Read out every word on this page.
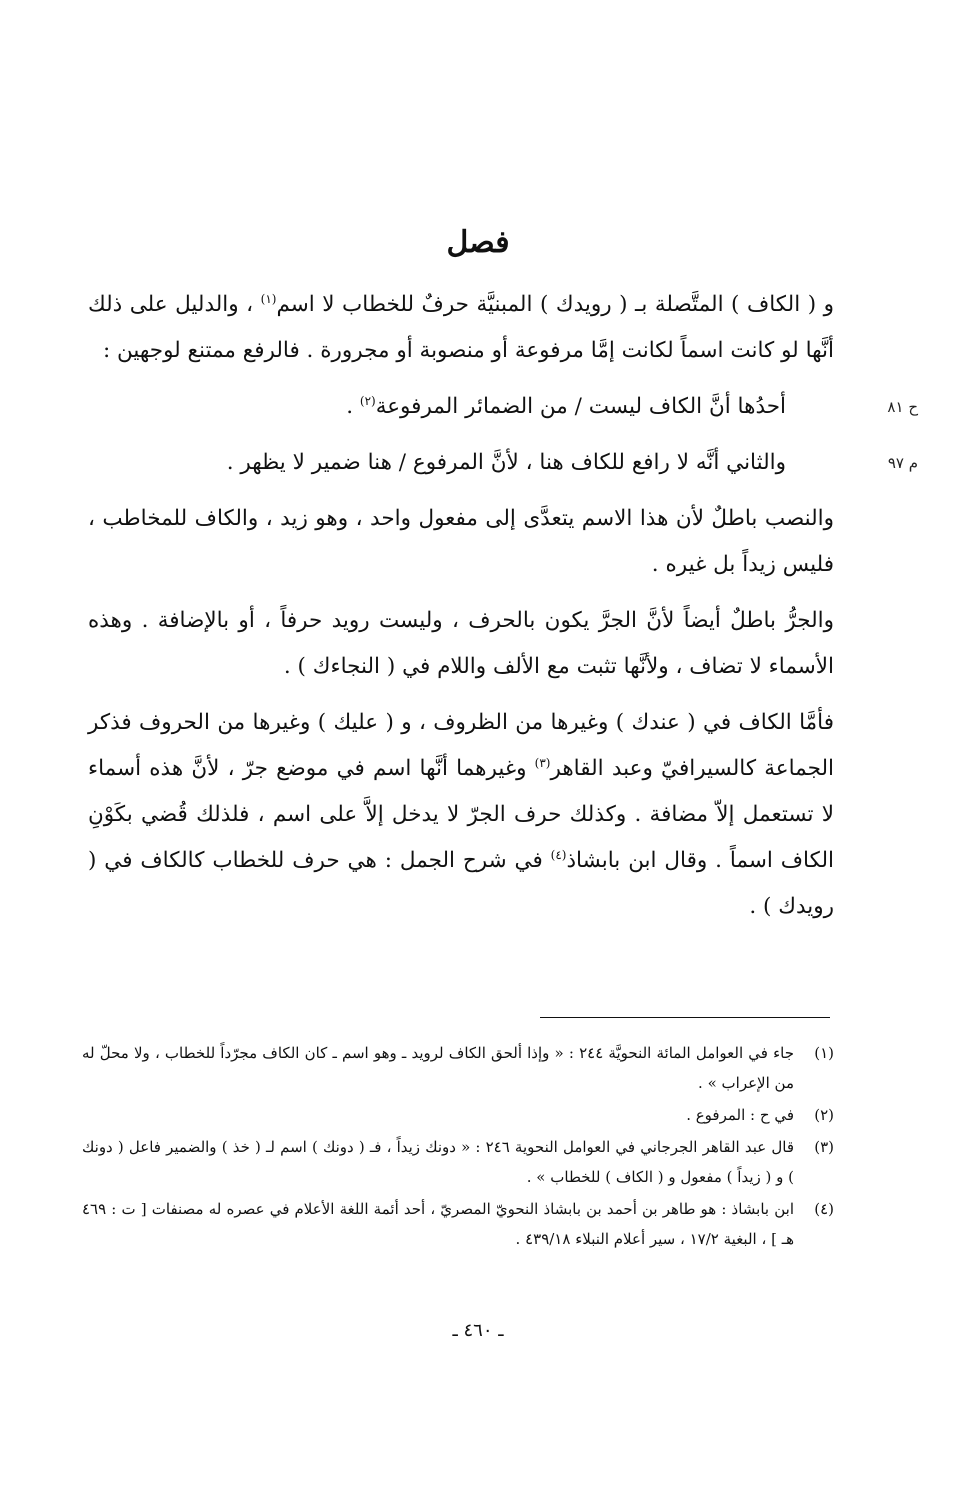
فصل

و ( الكاف ) المتَّصلة بـ ( رويدك ) المبنيَّة حرفٌ للخطاب لا اسم$^{(١)}$ ، والدليل على ذلك أنَّها لو كانت اسماً لكانت إمَّا مرفوعة أو منصوبة أو مجرورة . فالرفع ممتنع لوجهين :

ح ٨١
أحدُها أنَّ الكاف ليست / من الضمائر المرفوعة$^{(٢)}$ .

م ٩٧
والثاني أنَّه لا رافع للكاف هنا ، لأنَّ المرفوع / هنا ضمير لا يظهر .

والنصب باطلٌ لأن هذا الاسم يتعدَّى إلى مفعول واحد ، وهو زيد ، والكاف للمخاطب ، فليس زيداً بل غيره .

والجرُّ باطلٌ أيضاً لأنَّ الجرَّ يكون بالحرف ، وليست رويد حرفاً ، أو بالإضافة . وهذه الأسماء لا تضاف ، ولأنَّها تثبت مع الألف واللام في ( النجاءك ) .

فأمَّا الكاف في ( عندك ) وغيرها من الظروف ، و ( عليك ) وغيرها من الحروف فذكر الجماعة كالسيرافيّ وعبد القاهر$^{(٣)}$ وغيرهما أنَّها اسم في موضع جرّ ، لأنَّ هذه أسماء لا تستعمل إلاّ مضافة . وكذلك حرف الجرّ لا يدخل إلاَّ على اسم ، فلذلك قُضي بكَوْنِ الكاف اسماً . وقال ابن بابشاذ$^{(٤)}$ في شرح الجمل : هي حرف للخطاب كالكاف في ( رويدك ) .

(١)
جاء في العوامل المائة النحويَّة ٢٤٤ : « وإذا ألحق الكاف لرويد ـ وهو اسم ـ كان الكاف مجرّداً للخطاب ، ولا محلّ له من الإعراب » .
(٢)
في ح : المرفوع .
(٣)
قال عبد القاهر الجرجاني في العوامل النحوية ٢٤٦ : « دونك زيداً ، فـ ( دونك ) اسم لـ ( خذ ) والضمير فاعل ( دونك ) و ( زيداً ) مفعول و ( الكاف ) للخطاب » .
(٤)
ابن بابشاذ : هو طاهر بن أحمد بن بابشاذ النحويّ المصريّ ، أحد أئمة اللغة الأعلام في عصره له مصنفات [ ت : ٤٦٩ هـ ] ، البغية ١٧/٢ ، سير أعلام النبلاء ٤٣٩/١٨ .
ـ ٤٦٠ ـ
